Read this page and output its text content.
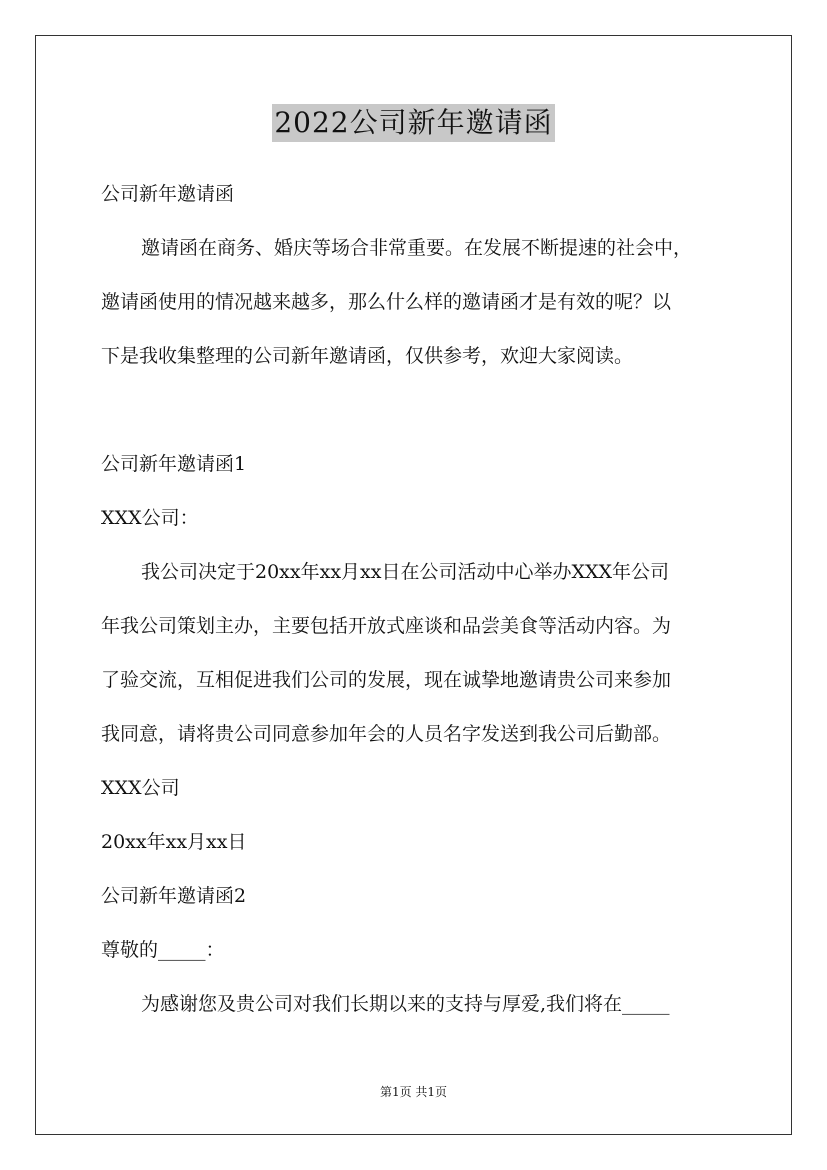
2022公司新年邀请函
公司新年邀请函
邀请函在商务、婚庆等场合非常重要。在发展不断提速的社会中，
邀请函使用的情况越来越多，那么什么样的邀请函才是有效的呢？以
下是我收集整理的公司新年邀请函，仅供参考，欢迎大家阅读。
公司新年邀请函1
XXX公司：
我公司决定于20xx年xx月xx日在公司活动中心举办XXX年公司
年我公司策划主办，主要包括开放式座谈和品尝美食等活动内容。为
了验交流，互相促进我们公司的发展，现在诚挚地邀请贵公司来参加
我同意，请将贵公司同意参加年会的人员名字发送到我公司后勤部。
XXX公司
20xx年xx月xx日
公司新年邀请函2
尊敬的_____：
为感谢您及贵公司对我们长期以来的支持与厚爱,我们将在_____
第1页 共1页
